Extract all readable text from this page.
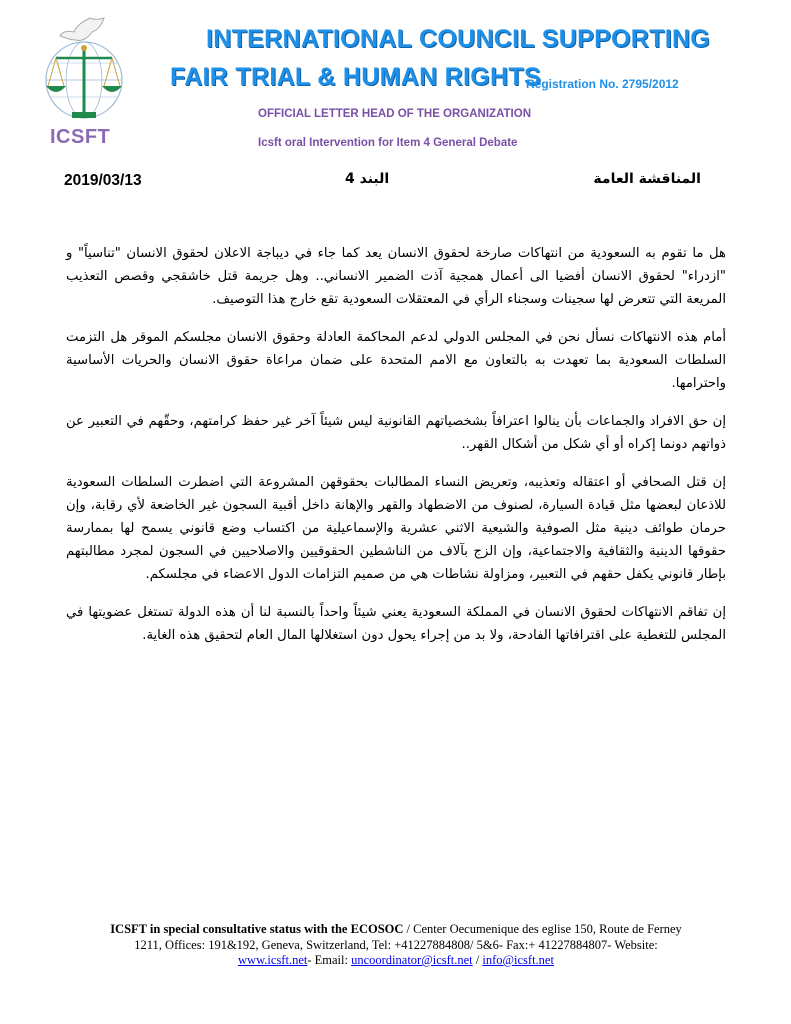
ICSFT
INTERNATIONAL COUNCIL SUPPORTING
FAIR TRIAL & HUMAN RIGHTS
Registration No. 2795/2012
OFFICIAL LETTER HEAD OF THE ORGANIZATION
Icsft oral Intervention for Item 4 General Debate
2019/03/13	البند 4	المناقشة العامة

هل ما تقوم به السعودية من انتهاكات صارخة لحقوق الانسان يعد كما جاء في ديباجة الاعلان لحقوق الانسان "تناسياً" و "ازدراء" لحقوق الانسان أفضيا الى أعمال همجية آذت الضمير الانساني.. وهل جريمة قتل خاشقجي وقصص التعذيب المريعة التي تتعرض لها سجينات وسجناء الرأي في المعتقلات السعودية تقع خارج هذا التوصيف.

أمام هذه الانتهاكات نسأل نحن في المجلس الدولي لدعم المحاكمة العادلة وحقوق الانسان مجلسكم الموقر هل التزمت السلطات السعودية بما تعهدت به بالتعاون مع الامم المتحدة على ضمان مراعاة حقوق الانسان والحريات الأساسية واحترامها.

إن حق الافراد والجماعات بأن ينالوا اعترافاً بشخصياتهم القانونية ليس شيئاً آخر غير حفظ كرامتهم، وحقّهم في التعبير عن ذواتهم دونما إكراه أو أي شكل من أشكال القهر..

إن قتل الصحافي أو اعتقاله وتعذيبه، وتعريض النساء المطالبات بحقوقهن المشروعة التي اضطرت السلطات السعودية للاذعان لبعضها مثل قيادة السيارة، لصنوف من الاضطهاد والقهر والإهانة داخل أقبية السجون غير الخاضعة لأي رقابة، وإن حرمان طوائف دينية مثل الصوفية والشيعية الاثني عشرية والإسماعيلية من اكتساب وضع قانوني يسمح لها بممارسة حقوقها الدينية والثقافية والاجتماعية، وإن الزج بآلاف من الناشطين الحقوقيين والاصلاحيين في السجون لمجرد مطالبتهم بإطار قانوني يكفل حقهم في التعبير، ومزاولة نشاطات هي من صميم التزامات الدول الاعضاء في مجلسكم.

إن تفاقم الانتهاكات لحقوق الانسان في المملكة السعودية يعني شيئاً واحداً بالنسبة لنا أن هذه الدولة تستغل عضويتها في المجلس للتغطية على اقترافاتها الفادحة، ولا بد من إجراء يحول دون استغلالها المال العام لتحقيق هذه الغاية.

ICSFT in special consultative status with the ECOSOC / Center Oecumenique des eglise 150, Route de Ferney
1211, Offices: 191&192, Geneva, Switzerland, Tel: +41227884808/ 5&6- Fax:+ 41227884807- Website:
www.icsft.net- Email: uncoordinator@icsft.net / info@icsft.net
